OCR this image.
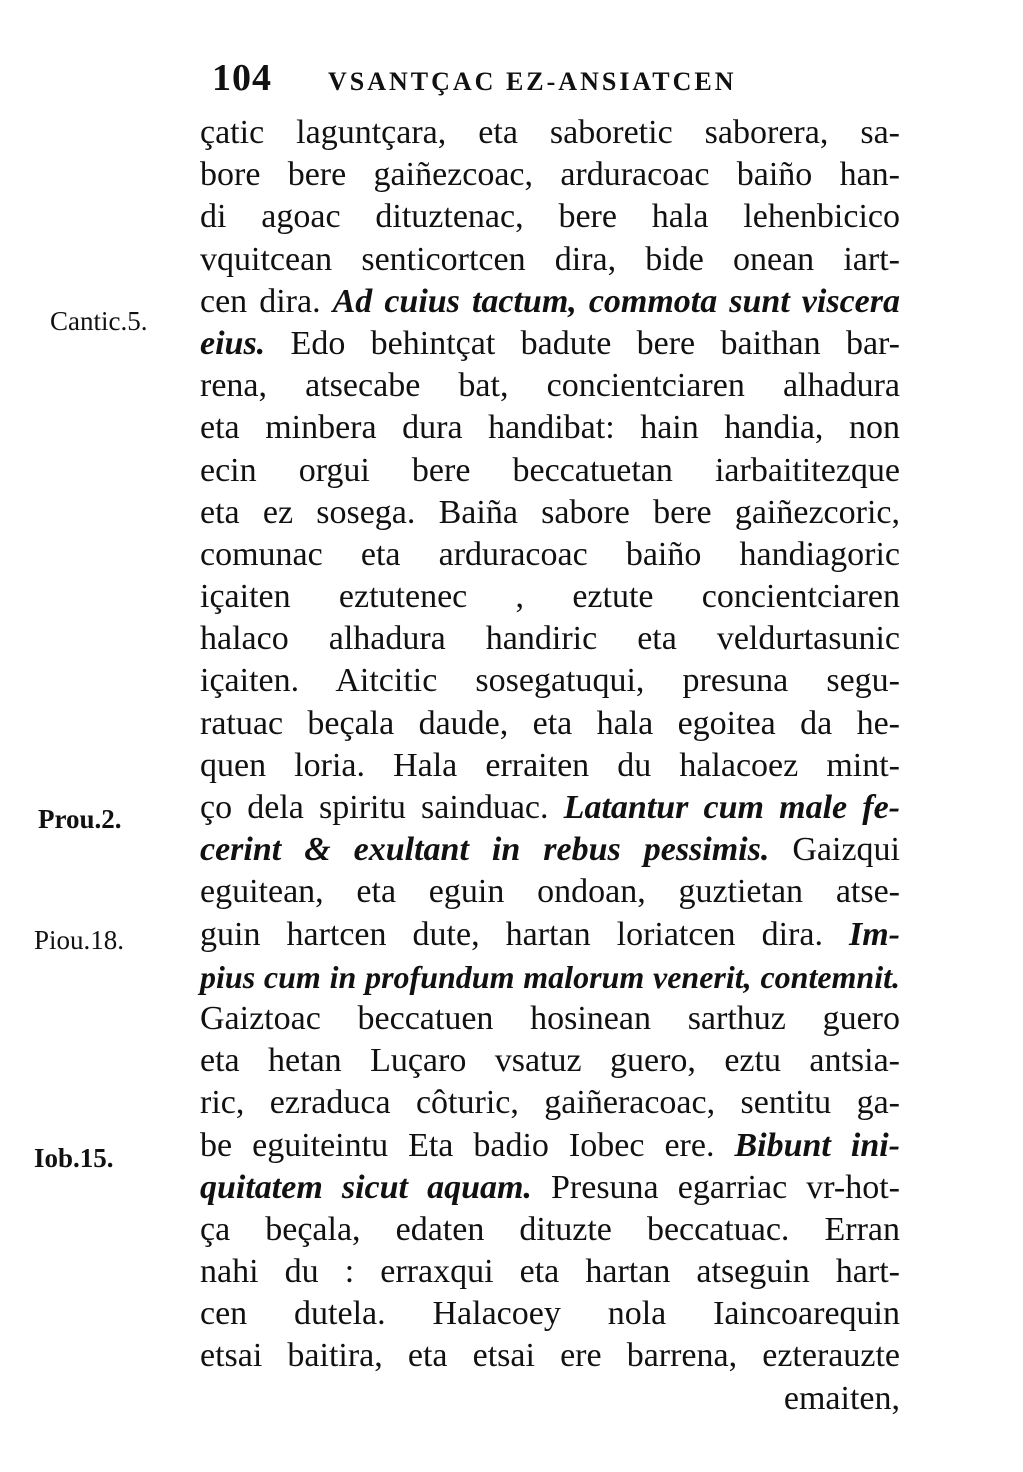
104 VSANTÇAC EZ-ANSIATCEN
Cantic.5.
Prou.2.
Piou.18.
Iob.15.
çatic laguntçara, eta saboretic saborera, sa-
bore bere gaiñezcoac, arduracoac baiño han-
di agoac dituztenac, bere hala lehenbicico
vquitcean senticortcen dira, bide onean iart-
cen dira. Ad cuius tactum, commota sunt viscera
eius. Edo behintçat badute bere baithan bar-
rena, atsecabe bat, concientciaren alhadura
eta minbera dura handibat: hain handia, non
ecin orgui bere beccatuetan iarbaititezque
eta ez sosega. Baiña sabore bere gaiñezcoric,
comunac eta arduracoac baiño handiagoric
içaiten eztutenec , eztute concientciaren
halaco alhadura handiric eta veldurtasunic
içaiten. Aitcitic sosegatuqui, presuna segu-
ratuac beçala daude, eta hala egoitea da he-
quen loria. Hala erraiten du halacoez mint-
ço dela spiritu sainduac. Latantur cum male fe-
cerint & exultant in rebus pessimis. Gaizqui
eguitean, eta eguin ondoan, guztietan atse-
guin hartcen dute, hartan loriatcen dira. Im-
pius cum in profundum malorum venerit, contemnit.
Gaiztoac beccatuen hosinean sarthuz guero
eta hetan Luçaro vsatuz guero, eztu antsia-
ric, ezraduca côturic, gaiñeracoac, sentitu ga-
be eguiteintu Eta badio Iobec ere. Bibunt ini-
quitatem sicut aquam. Presuna egarriac vr-hot-
ça beçala, edaten dituzte beccatuac. Erran
nahi du : erraxqui eta hartan atseguin hart-
cen dutela. Halacoey nola Iaincoarequin
etsai baitira, eta etsai ere barrena, ezterauzte
emaiten,
